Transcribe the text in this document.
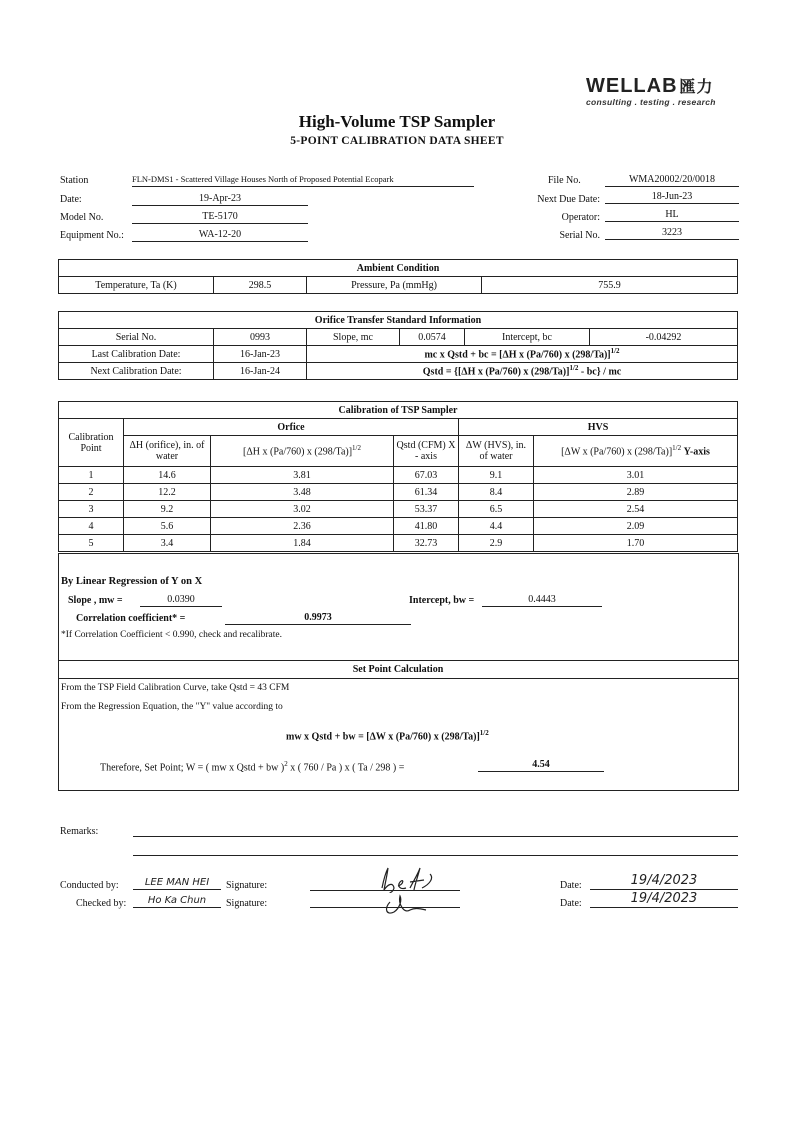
WELLAB 匯力
consulting . testing . research
High-Volume TSP Sampler
5-POINT CALIBRATION DATA SHEET
Station	FLN-DMS1 - Scattered Village Houses North of Proposed Potential Ecopark
Date:	19-Apr-23
Model No.	TE-5170
Equipment No.:	WA-12-20
File No.	WMA20002/20/0018
Next Due Date:	18-Jun-23
Operator:	HL
Serial No.	3223
Ambient Condition
Temperature, Ta (K)	298.5	Pressure, Pa (mmHg)	755.9
Orifice Transfer Standard Information					
Serial No.	0993	Slope, mc	0.0574	Intercept, bc	-0.04292
Last Calibration Date:	16-Jan-23	mc x Qstd + bc = [ΔH x (Pa/760) x (298/Ta)]$^{1/2}$
Next Calibration Date:	16-Jan-24	Qstd = {[ΔH x (Pa/760) x (298/Ta)]$^{1/2}$ - bc} / mc			
Calibration of TSP Sampler					
Calibration Point	Orfice			HVS	
	ΔH (orifice), in. of water	[ΔH x (Pa/760) x (298/Ta)]$^{1/2}$	Qstd (CFM) X - axis	ΔW (HVS), in. of water	[ΔW x (Pa/760) x (298/Ta)]$^{1/2}$ Y-axis
1	14.6	3.81	67.03	9.1	3.01
2	12.2	3.48	61.34	8.4	2.89
3	9.2	3.02	53.37	6.5	2.54
4	5.6	2.36	41.80	4.4	2.09
5	3.4	1.84	32.73	2.9	1.70
By Linear Regression of Y on X
Slope , mw =	0.0390	Intercept, bw =	0.4443
Correlation coefficient* =	0.9973
*If Correlation Coefficient < 0.990, check and recalibrate.
Set Point Calculation
From the TSP Field Calibration Curve, take Qstd = 43 CFM
From the Regression Equation, the "Y" value according to
mw x Qstd + bw = [ΔW x (Pa/760) x (298/Ta)]$^{1/2}$
Therefore, Set Point; W = ( mw x Qstd + bw )$^2$ x ( 760 / Pa ) x ( Ta / 298 ) =	4.54
Remarks:
Conducted by:	LEE MAN HEI	Signature:
Checked by:	Ho Ka Chun	Signature:
Date:	19/4/2023
Date:	19/4/2023
